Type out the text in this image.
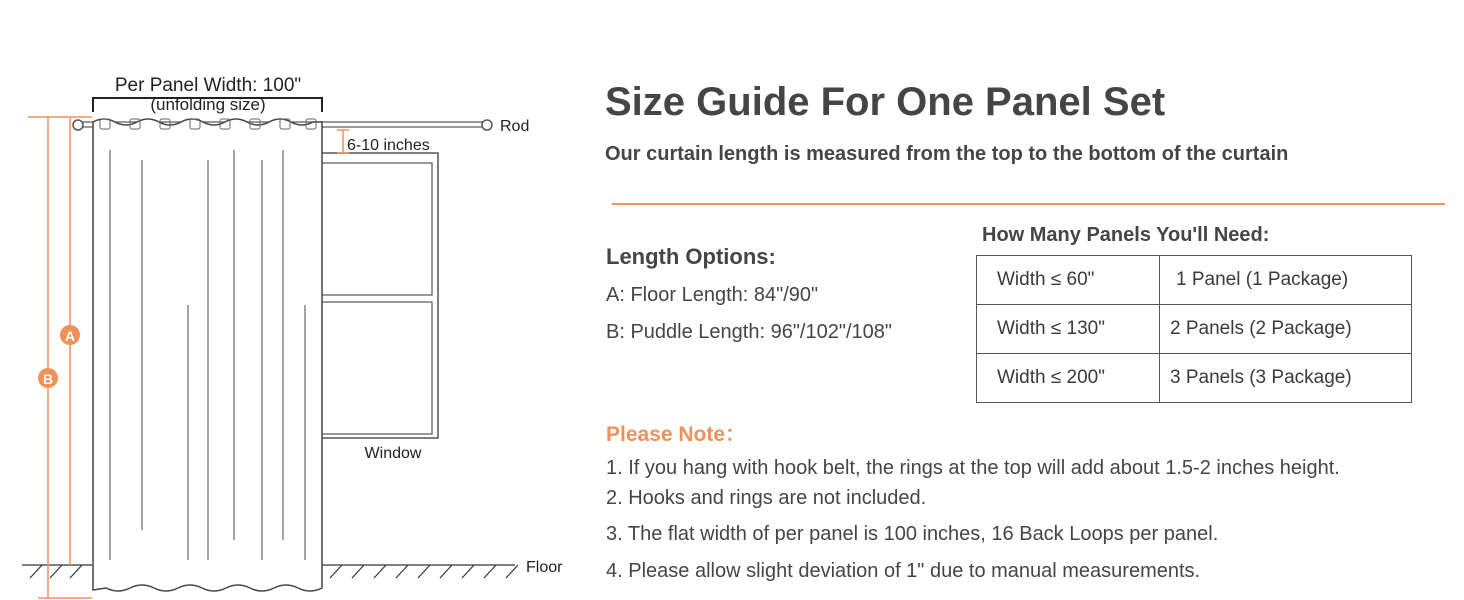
Per Panel Width: 100"
(unfolding size)
Window
6-10 inches
Rod
Floor
A
B
Size Guide For One Panel Set
Our curtain length is measured from the top to the bottom of the curtain
Length Options:
A: Floor Length: 84"/90"
B: Puddle Length: 96"/102"/108"
How Many Panels You'll Need:
Width ≤ 60"	1 Panel (1 Package)
Width ≤ 130"	2 Panels (2 Package)
Width ≤ 200"	3 Panels (3 Package)
Please Note：
1. If you hang with hook belt, the rings at the top will add about 1.5-2 inches height.
2. Hooks and rings are not included.
3. The flat width of per panel is 100 inches, 16 Back Loops per panel.
4. Please allow slight deviation of 1" due to manual measurements.
